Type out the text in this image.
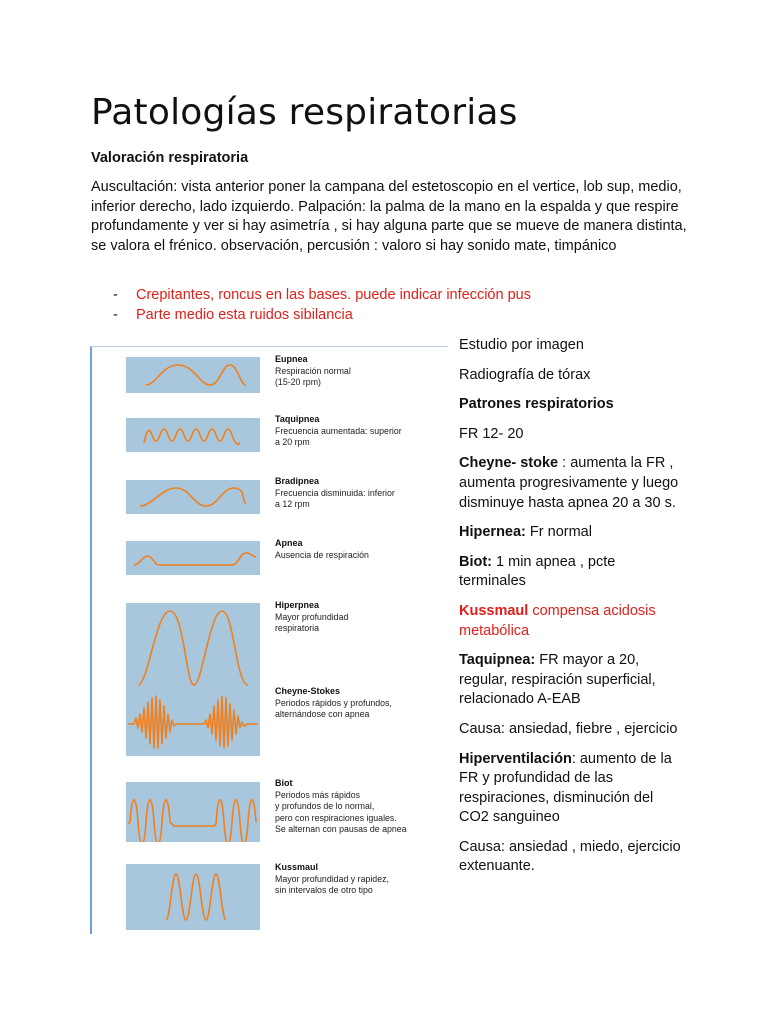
Patologías respiratorias
Valoración respiratoria

Auscultación: vista anterior poner la campana del estetoscopio en el vertice, lob sup, medio, inferior derecho, lado izquierdo. Palpación: la palma de la mano en la espalda y que respire profundamente y ver si hay asimetría , si hay alguna parte que se mueve de manera distinta, se valora el frénico. observación, percusión : valoro si hay sonido mate, timpánico

- Crepitantes, roncus en las bases. puede indicar infección pus
- Parte medio esta ruidos sibilancia
Eupnea
Respiración normal
(15-20 rpm)
Taquipnea
Frecuencia aumentada: superior
a 20 rpm
Bradipnea
Frecuencia disminuida: inferior
a 12 rpm
Apnea
Ausencia de respiración
Hiperpnea
Mayor profundidad
respiratoria
Cheyne-Stokes
Periodos rápidos y profundos,
alternándose con apnea
Biot
Periodos más rápidos
y profundos de lo normal,
pero con respiraciones iguales.
Se alternan con pausas de apnea
Kussmaul
Mayor profundidad y rapidez,
sin intervalos de otro tipo

Estudio por imagen

Radiografía de tórax

Patrones respiratorios

FR 12- 20

Cheyne- stoke : aumenta la FR , aumenta progresivamente y luego disminuye hasta apnea 20 a 30 s.

Hipernea: Fr normal

Biot: 1 min apnea , pcte terminales

Kussmaul compensa acidosis metabólica

Taquipnea: FR mayor a 20, regular, respiración superficial, relacionado A-EAB

Causa: ansiedad, fiebre , ejercicio

Hiperventilación: aumento de la FR y profundidad de las respiraciones, disminución del CO2 sanguineo

Causa: ansiedad , miedo, ejercicio extenuante.
